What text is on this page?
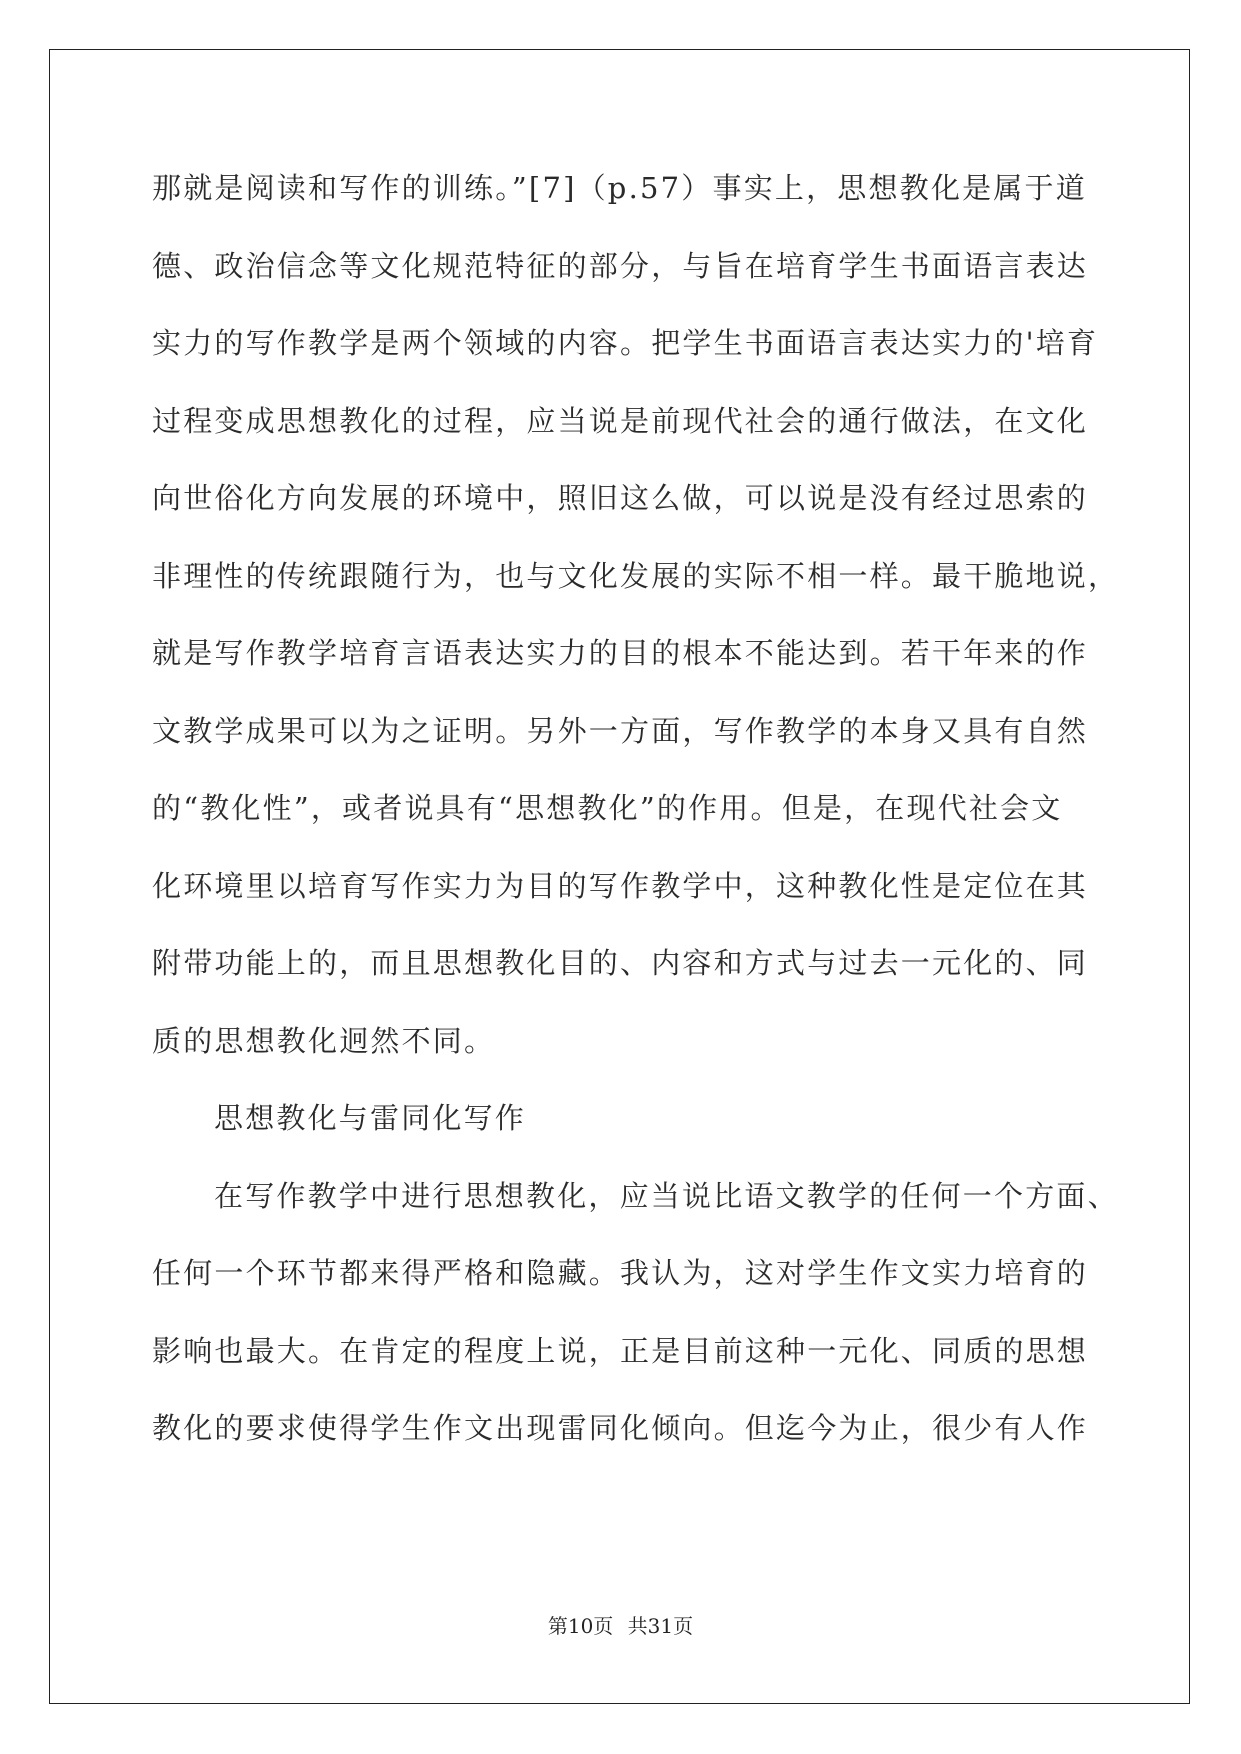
那就是阅读和写作的训练。”[7]（p.57）事实上，思想教化是属于道

德、政治信念等文化规范特征的部分，与旨在培育学生书面语言表达

实力的写作教学是两个领域的内容。把学生书面语言表达实力的'培育

过程变成思想教化的过程，应当说是前现代社会的通行做法，在文化

向世俗化方向发展的环境中，照旧这么做，可以说是没有经过思索的

非理性的传统跟随行为，也与文化发展的实际不相一样。最干脆地说，

就是写作教学培育言语表达实力的目的根本不能达到。若干年来的作

文教学成果可以为之证明。另外一方面，写作教学的本身又具有自然

的“教化性”，或者说具有“思想教化”的作用。但是，在现代社会文

化环境里以培育写作实力为目的写作教学中，这种教化性是定位在其

附带功能上的，而且思想教化目的、内容和方式与过去一元化的、同

质的思想教化迥然不同。

思想教化与雷同化写作

在写作教学中进行思想教化，应当说比语文教学的任何一个方面、

任何一个环节都来得严格和隐藏。我认为，这对学生作文实力培育的

影响也最大。在肯定的程度上说，正是目前这种一元化、同质的思想

教化的要求使得学生作文出现雷同化倾向。但迄今为止，很少有人作

第10页 共31页
